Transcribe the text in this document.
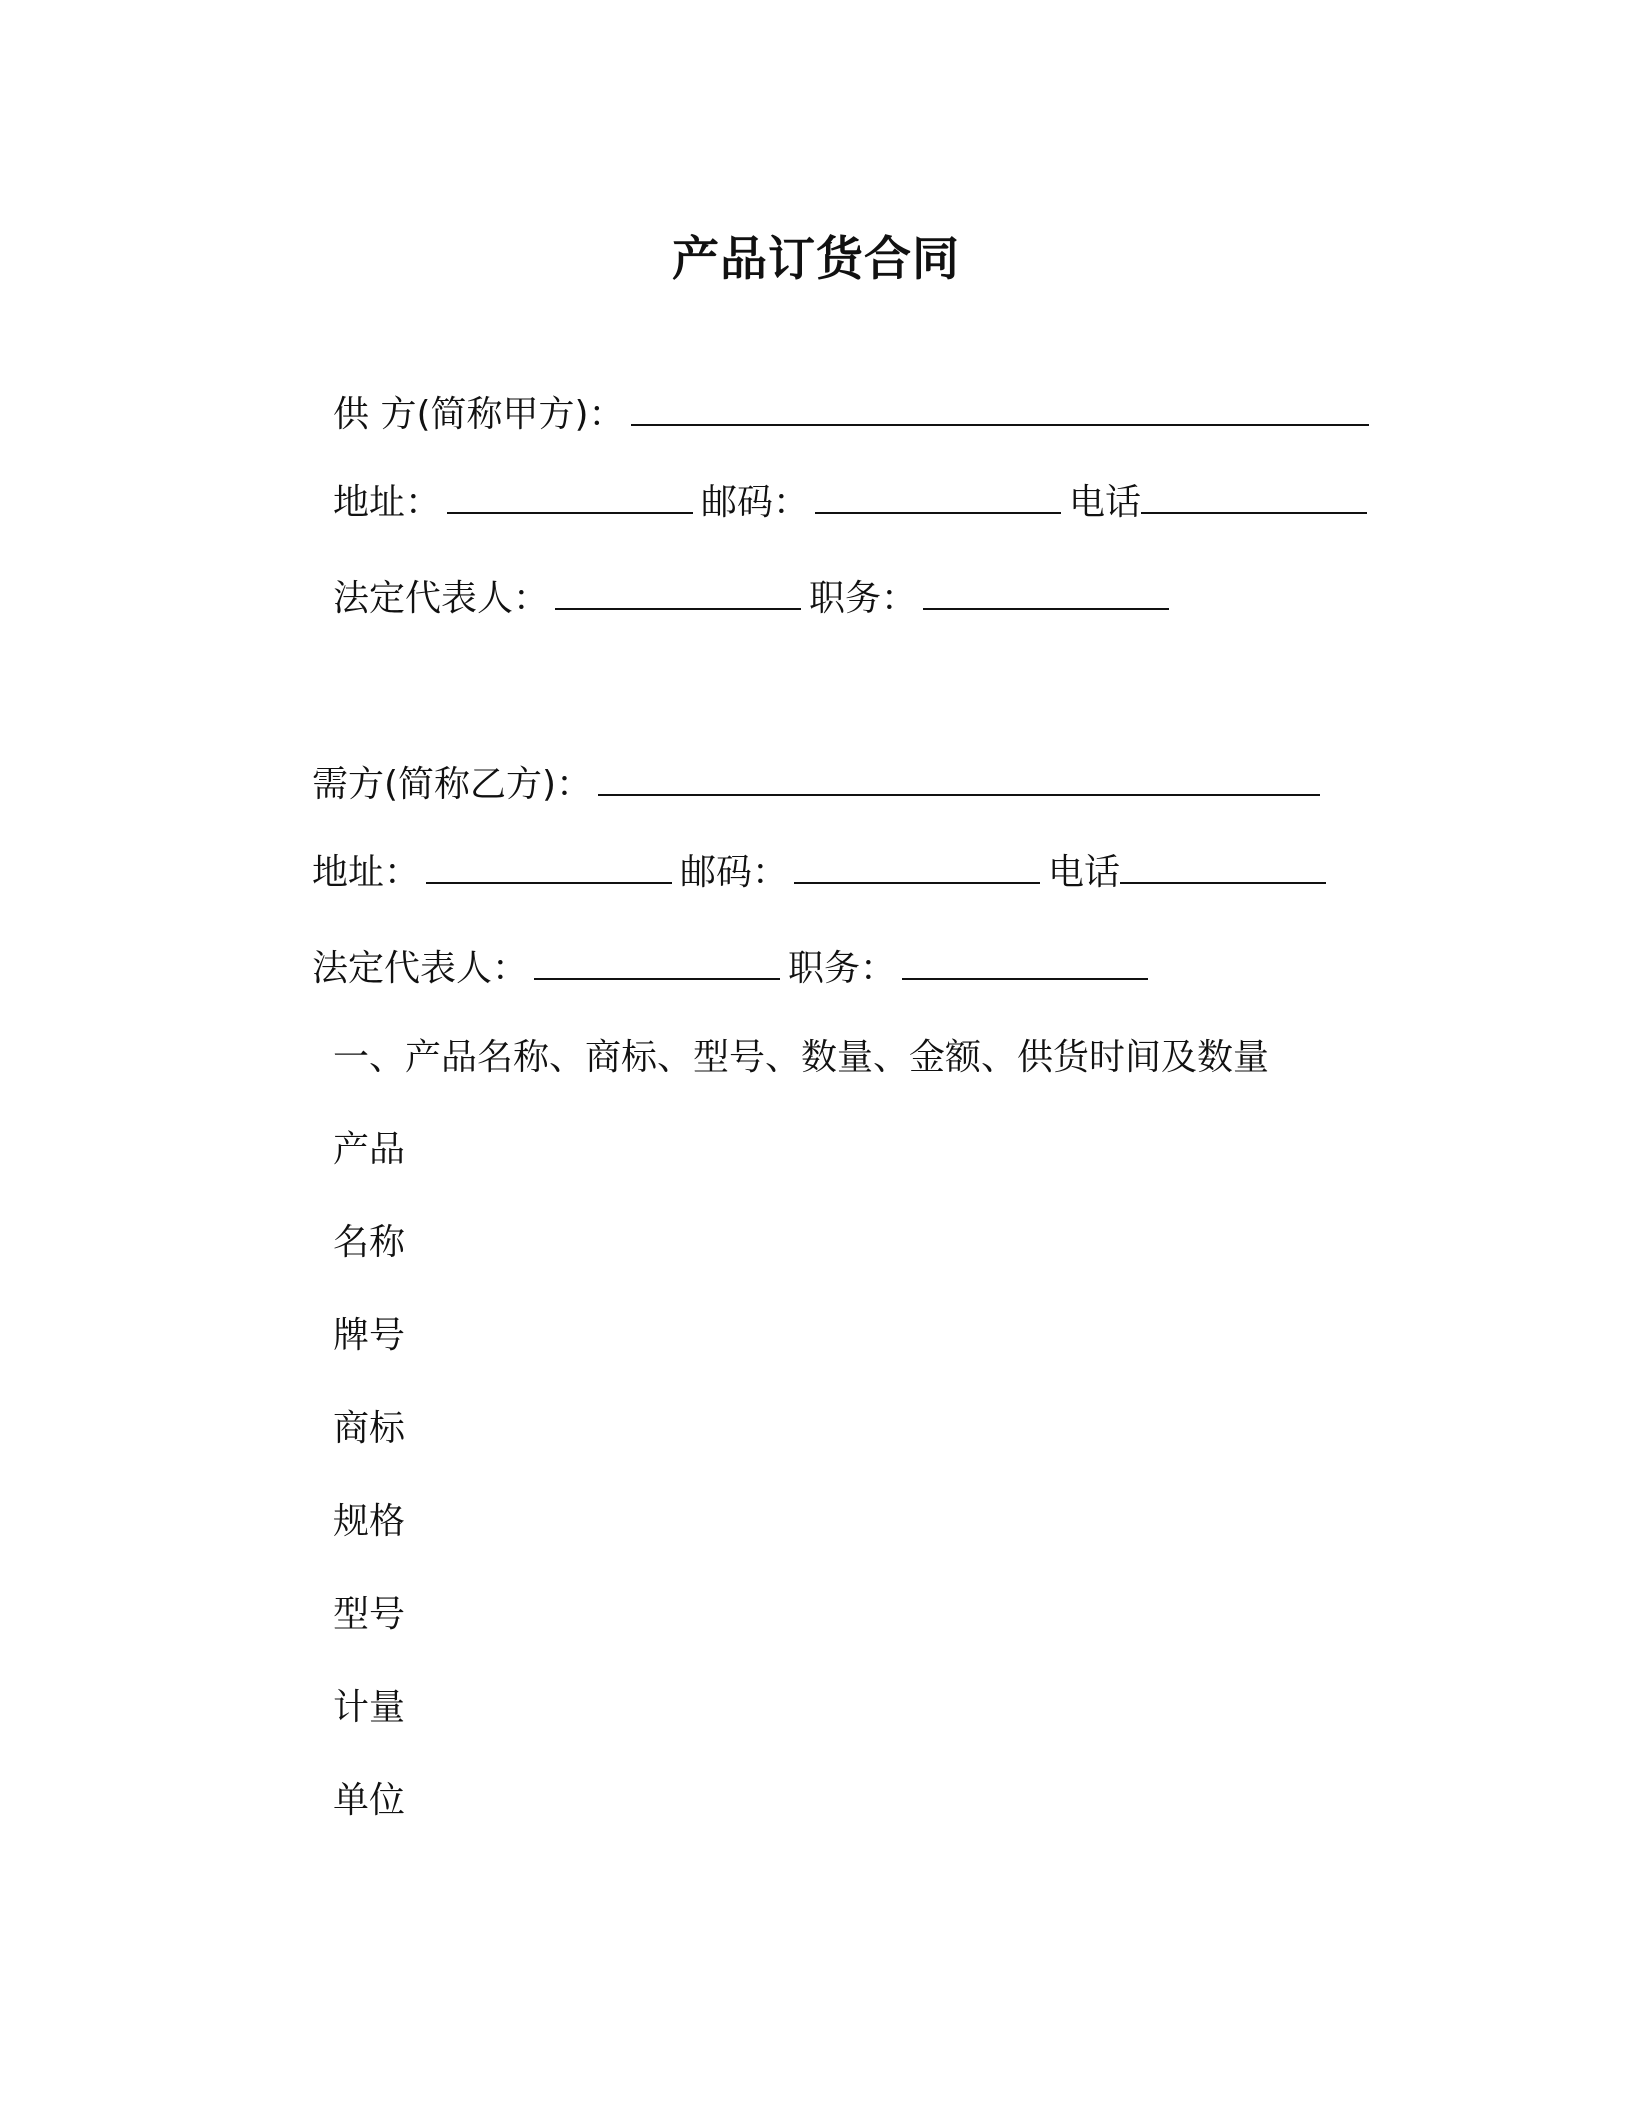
产品订货合同
供 方(简称甲方)：
地址：	邮码：	电话
法定代表人：	职务：
需方(简称乙方)：
地址：	邮码：	电话
法定代表人：	职务：
一、产品名称、商标、型号、数量、金额、供货时间及数量
产品
名称
牌号
商标
规格
型号
计量
单位
